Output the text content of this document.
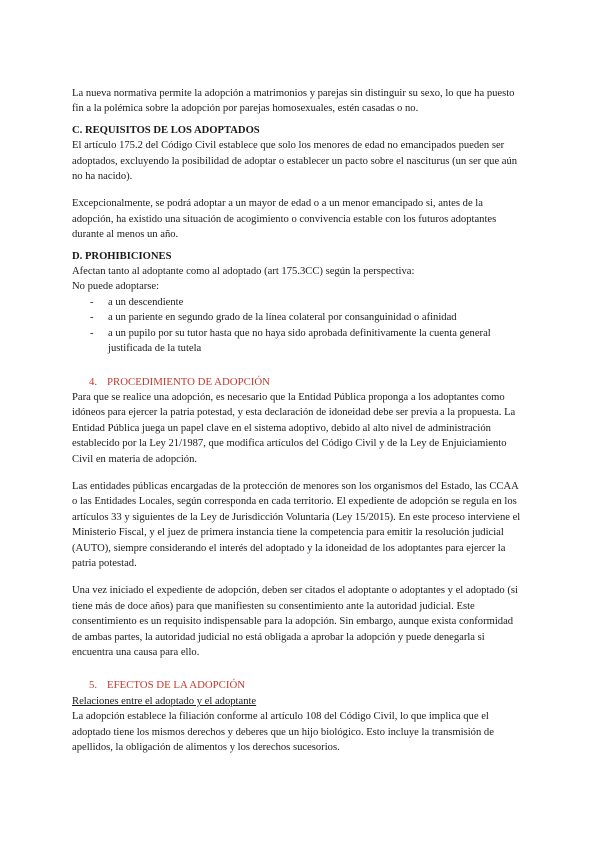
La nueva normativa permite la adopción a matrimonios y parejas sin distinguir su sexo, lo que ha puesto fin a la polémica sobre la adopción por parejas homosexuales, estén casadas o no.

C. REQUISITOS DE LOS ADOPTADOS

El artículo 175.2 del Código Civil establece que solo los menores de edad no emancipados pueden ser adoptados, excluyendo la posibilidad de adoptar o establecer un pacto sobre el nasciturus (un ser que aún no ha nacido).

Excepcionalmente, se podrá adoptar a un mayor de edad o a un menor emancipado si, antes de la adopción, ha existido una situación de acogimiento o convivencia estable con los futuros adoptantes durante al menos un año.

D. PROHIBICIONES

Afectan tanto al adoptante como al adoptado (art 175.3CC) según la perspectiva:

No puede adoptarse:

- a un descendiente
- a un pariente en segundo grado de la línea colateral por consanguinidad o afinidad
- a un pupilo por su tutor hasta que no haya sido aprobada definitivamente la cuenta general justificada de la tutela
4. PROCEDIMIENTO DE ADOPCIÓN

Para que se realice una adopción, es necesario que la Entidad Pública proponga a los adoptantes como idóneos para ejercer la patria potestad, y esta declaración de idoneidad debe ser previa a la propuesta. La Entidad Pública juega un papel clave en el sistema adoptivo, debido al alto nivel de administración establecido por la Ley 21/1987, que modifica artículos del Código Civil y de la Ley de Enjuiciamiento Civil en materia de adopción.

Las entidades públicas encargadas de la protección de menores son los organismos del Estado, las CCAA o las Entidades Locales, según corresponda en cada territorio. El expediente de adopción se regula en los artículos 33 y siguientes de la Ley de Jurisdicción Voluntaria (Ley 15/2015). En este proceso interviene el Ministerio Fiscal, y el juez de primera instancia tiene la competencia para emitir la resolución judicial (AUTO), siempre considerando el interés del adoptado y la idoneidad de los adoptantes para ejercer la patria potestad.

Una vez iniciado el expediente de adopción, deben ser citados el adoptante o adoptantes y el adoptado (si tiene más de doce años) para que manifiesten su consentimiento ante la autoridad judicial. Este consentimiento es un requisito indispensable para la adopción. Sin embargo, aunque exista conformidad de ambas partes, la autoridad judicial no está obligada a aprobar la adopción y puede denegarla si encuentra una causa para ello.

5. EFECTOS DE LA ADOPCIÓN

Relaciones entre el adoptado y el adoptante

La adopción establece la filiación conforme al artículo 108 del Código Civil, lo que implica que el adoptado tiene los mismos derechos y deberes que un hijo biológico. Esto incluye la transmisión de apellidos, la obligación de alimentos y los derechos sucesorios.
